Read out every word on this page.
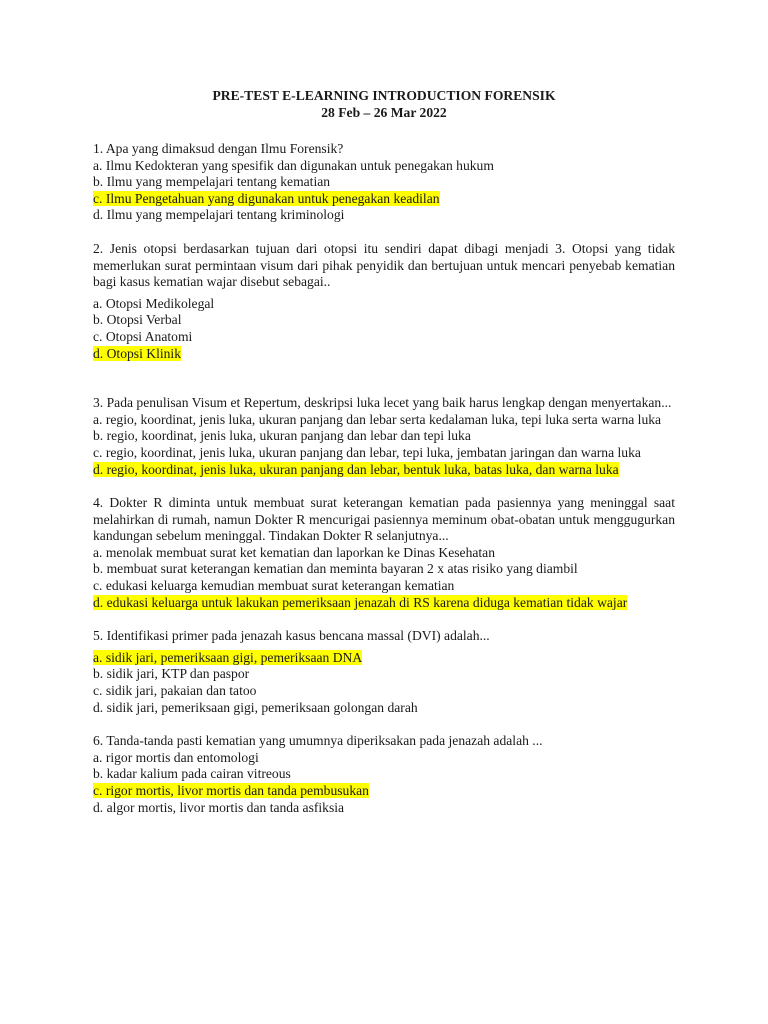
PRE-TEST E-LEARNING INTRODUCTION FORENSIK
28 Feb – 26 Mar 2022

1. Apa yang dimaksud dengan Ilmu Forensik?

a. Ilmu Kedokteran yang spesifik dan digunakan untuk penegakan hukum

b. Ilmu yang mempelajari tentang kematian

c. Ilmu Pengetahuan yang digunakan untuk penegakan keadilan

d. Ilmu yang mempelajari tentang kriminologi

2. Jenis otopsi berdasarkan tujuan dari otopsi itu sendiri dapat dibagi menjadi 3. Otopsi yang tidak memerlukan surat permintaan visum dari pihak penyidik dan bertujuan untuk mencari penyebab kematian bagi kasus kematian wajar disebut sebagai..

a. Otopsi Medikolegal

b. Otopsi Verbal

c. Otopsi Anatomi

d. Otopsi Klinik

3. Pada penulisan Visum et Repertum, deskripsi luka lecet yang baik harus lengkap dengan menyertakan...

a. regio, koordinat, jenis luka, ukuran panjang dan lebar serta kedalaman luka, tepi luka serta warna luka

b. regio, koordinat, jenis luka, ukuran panjang dan lebar dan tepi luka

c. regio, koordinat, jenis luka, ukuran panjang dan lebar, tepi luka, jembatan jaringan dan warna luka

d. regio, koordinat, jenis luka, ukuran panjang dan lebar, bentuk luka, batas luka, dan warna luka

4. Dokter R diminta untuk membuat surat keterangan kematian pada pasiennya yang meninggal saat melahirkan di rumah, namun Dokter R mencurigai pasiennya meminum obat-obatan untuk menggugurkan kandungan sebelum meninggal. Tindakan Dokter R selanjutnya...

a. menolak membuat surat ket kematian dan laporkan ke Dinas Kesehatan

b. membuat surat keterangan kematian dan meminta bayaran 2 x atas risiko yang diambil

c. edukasi keluarga kemudian membuat surat keterangan kematian

d. edukasi keluarga untuk lakukan pemeriksaan jenazah di RS karena diduga kematian tidak wajar

5. Identifikasi primer pada jenazah kasus bencana massal (DVI) adalah...

a. sidik jari, pemeriksaan gigi, pemeriksaan DNA

b. sidik jari, KTP dan paspor

c. sidik jari, pakaian dan tatoo

d. sidik jari, pemeriksaan gigi, pemeriksaan golongan darah

6. Tanda-tanda pasti kematian yang umumnya diperiksakan pada jenazah adalah ...

a. rigor mortis dan entomologi

b. kadar kalium pada cairan vitreous

c. rigor mortis, livor mortis dan tanda pembusukan

d. algor mortis, livor mortis dan tanda asfiksia
